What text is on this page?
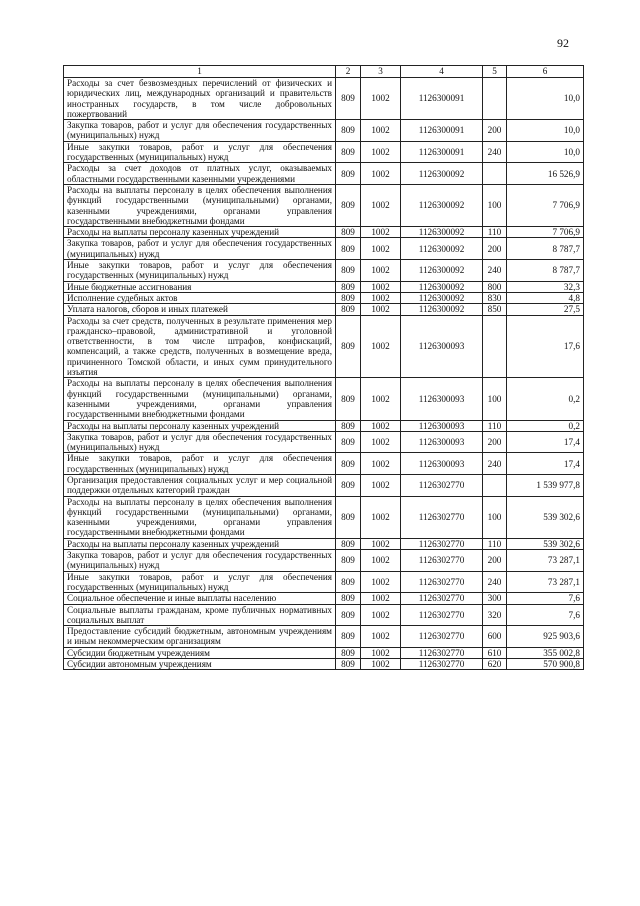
92
1	2	3	4	5	6
Расходы за счет безвозмездных перечислений от физических и юридических лиц, международных организаций и правительств иностранных государств, в том числе добровольных пожертвований	809	1002	1126300091		10,0
Закупка товаров, работ и услуг для обеспечения государственных (муниципальных) нужд	809	1002	1126300091	200	10,0
Иные закупки товаров, работ и услуг для обеспечения государственных (муниципальных) нужд	809	1002	1126300091	240	10,0
Расходы за счет доходов от платных услуг, оказываемых областными государственными казенными учреждениями	809	1002	1126300092		16 526,9
Расходы на выплаты персоналу в целях обеспечения выполнения функций государственными (муниципальными) органами, казенными учреждениями, органами управления государственными внебюджетными фондами	809	1002	1126300092	100	7 706,9
Расходы на выплаты персоналу казенных учреждений	809	1002	1126300092	110	7 706,9
Закупка товаров, работ и услуг для обеспечения государственных (муниципальных) нужд	809	1002	1126300092	200	8 787,7
Иные закупки товаров, работ и услуг для обеспечения государственных (муниципальных) нужд	809	1002	1126300092	240	8 787,7
Иные бюджетные ассигнования	809	1002	1126300092	800	32,3
Исполнение судебных актов	809	1002	1126300092	830	4,8
Уплата налогов, сборов и иных платежей	809	1002	1126300092	850	27,5
Расходы за счет средств, полученных в результате применения мер гражданско–правовой, административной и уголовной ответственности, в том числе штрафов, конфискаций, компенсаций, а также средств, полученных в возмещение вреда, причиненного Томской области, и иных сумм принудительного изъятия	809	1002	1126300093		17,6
Расходы на выплаты персоналу в целях обеспечения выполнения функций государственными (муниципальными) органами, казенными учреждениями, органами управления государственными внебюджетными фондами	809	1002	1126300093	100	0,2
Расходы на выплаты персоналу казенных учреждений	809	1002	1126300093	110	0,2
Закупка товаров, работ и услуг для обеспечения государственных (муниципальных) нужд	809	1002	1126300093	200	17,4
Иные закупки товаров, работ и услуг для обеспечения государственных (муниципальных) нужд	809	1002	1126300093	240	17,4
Организация предоставления социальных услуг и мер социальной поддержки отдельных категорий граждан	809	1002	1126302770		1 539 977,8
Расходы на выплаты персоналу в целях обеспечения выполнения функций государственными (муниципальными) органами, казенными учреждениями, органами управления государственными внебюджетными фондами	809	1002	1126302770	100	539 302,6
Расходы на выплаты персоналу казенных учреждений	809	1002	1126302770	110	539 302,6
Закупка товаров, работ и услуг для обеспечения государственных (муниципальных) нужд	809	1002	1126302770	200	73 287,1
Иные закупки товаров, работ и услуг для обеспечения государственных (муниципальных) нужд	809	1002	1126302770	240	73 287,1
Социальное обеспечение и иные выплаты населению	809	1002	1126302770	300	7,6
Социальные выплаты гражданам, кроме публичных нормативных социальных выплат	809	1002	1126302770	320	7,6
Предоставление субсидий бюджетным, автономным учреждениям и иным некоммерческим организациям	809	1002	1126302770	600	925 903,6
Субсидии бюджетным учреждениям	809	1002	1126302770	610	355 002,8
Субсидии автономным учреждениям	809	1002	1126302770	620	570 900,8
